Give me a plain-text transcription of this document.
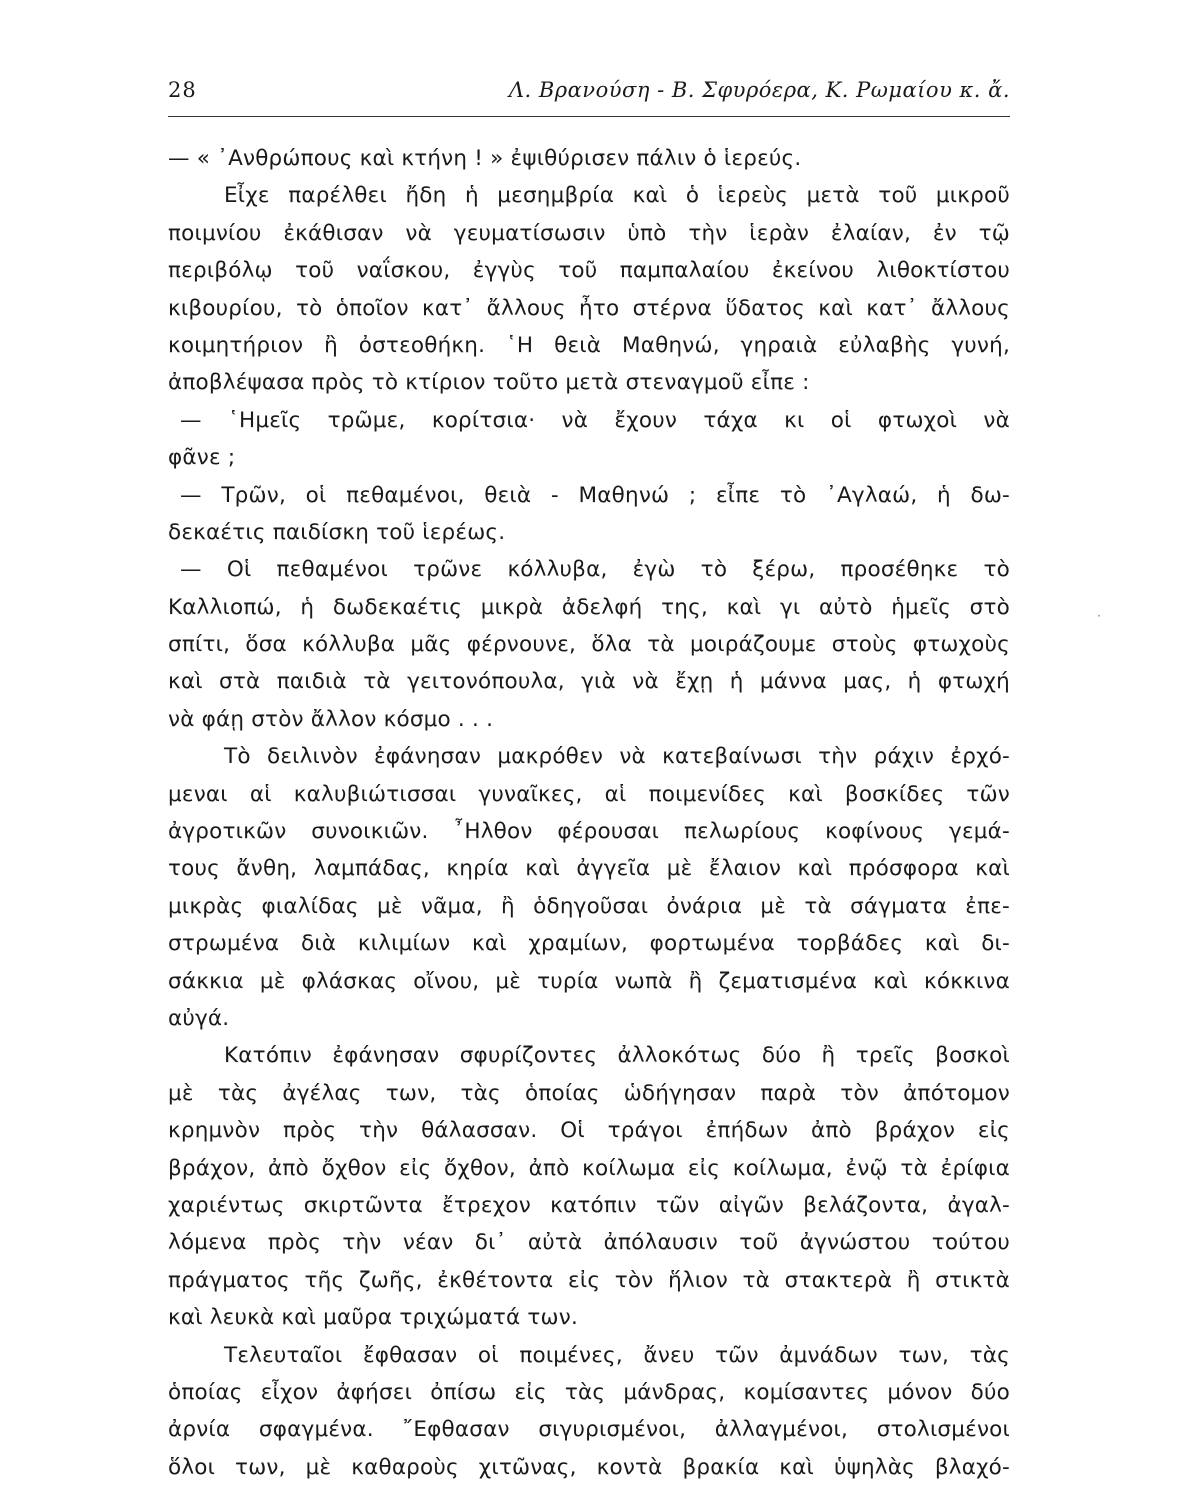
28	Λ. Βρανούση - Β. Σφυρόερα, Κ. Ρωμαίου κ. ἄ.
— « ᾿Ανθρώπους καὶ κτήνη ! » ἐψιθύρισεν πάλιν ὁ ἱερεύς.
Εἶχε παρέλθει ἤδη ἡ μεσημβρία καὶ ὁ ἱερεὺς μετὰ τοῦ μικροῦ
ποιμνίου ἐκάθισαν νὰ γευματίσωσιν ὑπὸ τὴν ἱερὰν ἐλαίαν, ἐν τῷ
περιβόλῳ τοῦ ναΐσκου, ἐγγὺς τοῦ παμπαλαίου ἐκείνου λιθοκτίστου
κιβουρίου, τὸ ὁποῖον κατ᾿ ἄλλους ἦτο στέρνα ὕδατος καὶ κατ᾿ ἄλλους
κοιμητήριον ἢ ὀστεοθήκη. ῾Η θειὰ Μαθηνώ, γηραιὰ εὐλαβὴς γυνή,
ἀποβλέψασα πρὸς τὸ κτίριον τοῦτο μετὰ στεναγμοῦ εἶπε :
— ῾Ημεῖς τρῶμε, κορίτσια· νὰ ἔχουν τάχα κι οἱ φτωχοὶ νὰ
φᾶνε ;
— Τρῶν, οἱ πεθαμένοι, θειὰ - Μαθηνώ ; εἶπε τὸ ᾿Αγλαώ, ἡ δω-
δεκαέτις παιδίσκη τοῦ ἱερέως.
— Οἱ πεθαμένοι τρῶνε κόλλυβα, ἐγὼ τὸ ξέρω, προσέθηκε τὸ
Καλλιοπώ, ἡ δωδεκαέτις μικρὰ ἀδελφή της, καὶ γι αὐτὸ ἡμεῖς στὸ
σπίτι, ὅσα κόλλυβα μᾶς φέρνουνε, ὅλα τὰ μοιράζουμε στοὺς φτωχοὺς
καὶ στὰ παιδιὰ τὰ γειτονόπουλα, γιὰ νὰ ἔχῃ ἡ μάννα μας, ἡ φτωχή
νὰ φάῃ στὸν ἄλλον κόσμο . . .
Τὸ δειλινὸν ἐφάνησαν μακρόθεν νὰ κατεβαίνωσι τὴν ράχιν ἐρχό-
μεναι αἱ καλυβιώτισσαι γυναῖκες, αἱ ποιμενίδες καὶ βοσκίδες τῶν
ἀγροτικῶν συνοικιῶν. ῏Ηλθον φέρουσαι πελωρίους κοφίνους γεμά-
τους ἄνθη, λαμπάδας, κηρία καὶ ἀγγεῖα μὲ ἔλαιον καὶ πρόσφορα καὶ
μικρὰς φιαλίδας μὲ νᾶμα, ἢ ὁδηγοῦσαι ὀνάρια μὲ τὰ σάγματα ἐπε-
στρωμένα διὰ κιλιμίων καὶ χραμίων, φορτωμένα τορβάδες καὶ δι-
σάκκια μὲ φλάσκας οἴνου, μὲ τυρία νωπὰ ἢ ζεματισμένα καὶ κόκκινα
αὐγά.
Κατόπιν ἐφάνησαν σφυρίζοντες ἀλλοκότως δύο ἢ τρεῖς βοσκοὶ
μὲ τὰς ἀγέλας των, τὰς ὁποίας ὡδήγησαν παρὰ τὸν ἀπότομον
κρημνὸν πρὸς τὴν θάλασσαν. Οἱ τράγοι ἐπήδων ἀπὸ βράχον εἰς
βράχον, ἀπὸ ὄχθον εἰς ὄχθον, ἀπὸ κοίλωμα εἰς κοίλωμα, ἐνῷ τὰ ἐρίφια
χαριέντως σκιρτῶντα ἔτρεχον κατόπιν τῶν αἰγῶν βελάζοντα, ἀγαλ-
λόμενα πρὸς τὴν νέαν δι᾿ αὐτὰ ἀπόλαυσιν τοῦ ἀγνώστου τούτου
πράγματος τῆς ζωῆς, ἐκθέτοντα εἰς τὸν ἥλιον τὰ στακτερὰ ἢ στικτὰ
καὶ λευκὰ καὶ μαῦρα τριχώματά των.
Τελευταῖοι ἔφθασαν οἱ ποιμένες, ἄνευ τῶν ἀμνάδων των, τὰς
ὁποίας εἶχον ἀφήσει ὀπίσω εἰς τὰς μάνδρας, κομίσαντες μόνον δύο
ἀρνία σφαγμένα. ῎Εφθασαν σιγυρισμένοι, ἀλλαγμένοι, στολισμένοι
ὅλοι των, μὲ καθαροὺς χιτῶνας, κοντὰ βρακία καὶ ὑψηλὰς βλαχό-
·
